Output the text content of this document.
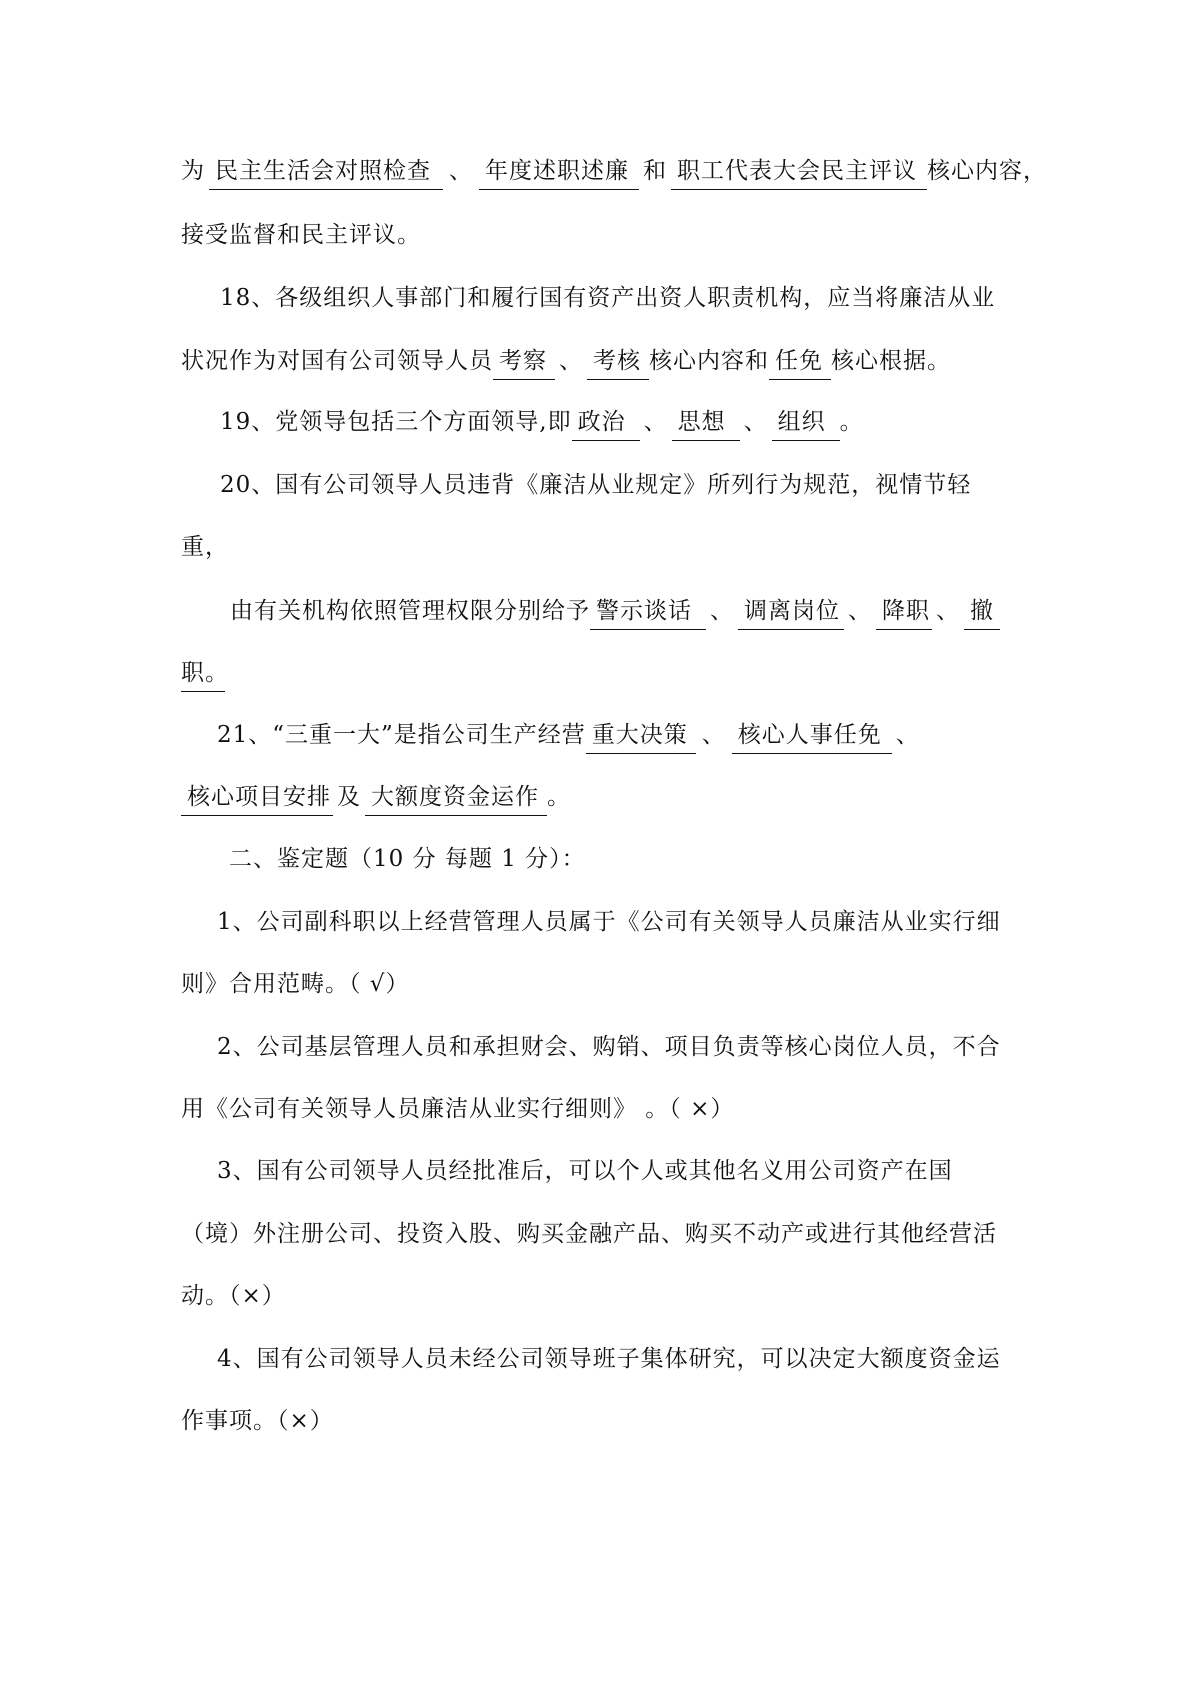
为 民主生活会对照检查 、 年度述职述廉 和 职工代表大会民主评议 核心内容，
接受监督和民主评议。
18、各级组织人事部门和履行国有资产出资人职责机构，应当将廉洁从业
状况作为对国有公司领导人员 考察 、 考核 核心内容和 任免 核心根据。
19、党领导包括三个方面领导,即 政治 、 思想 、 组织 。
20、国有公司领导人员违背《廉洁从业规定》所列行为规范，视情节轻
重，
由有关机构依照管理权限分别给予 警示谈话 、 调离岗位 、 降职 、 撤
职。
21、“三重一大”是指公司生产经营 重大决策 、 核心人事任免 、
核心项目安排 及 大额度资金运作 。
二、鉴定题（10 分 每题 1 分）：
1、公司副科职以上经营管理人员属于《公司有关领导人员廉洁从业实行细
则》合用范畴。（ √）
2、公司基层管理人员和承担财会、购销、项目负责等核心岗位人员，不合
用《公司有关领导人员廉洁从业实行细则》 。（ ×）
3、国有公司领导人员经批准后，可以个人或其他名义用公司资产在国
（境）外注册公司、投资入股、购买金融产品、购买不动产或进行其他经营活
动。（×）
4、国有公司领导人员未经公司领导班子集体研究，可以决定大额度资金运
作事项。（×）
